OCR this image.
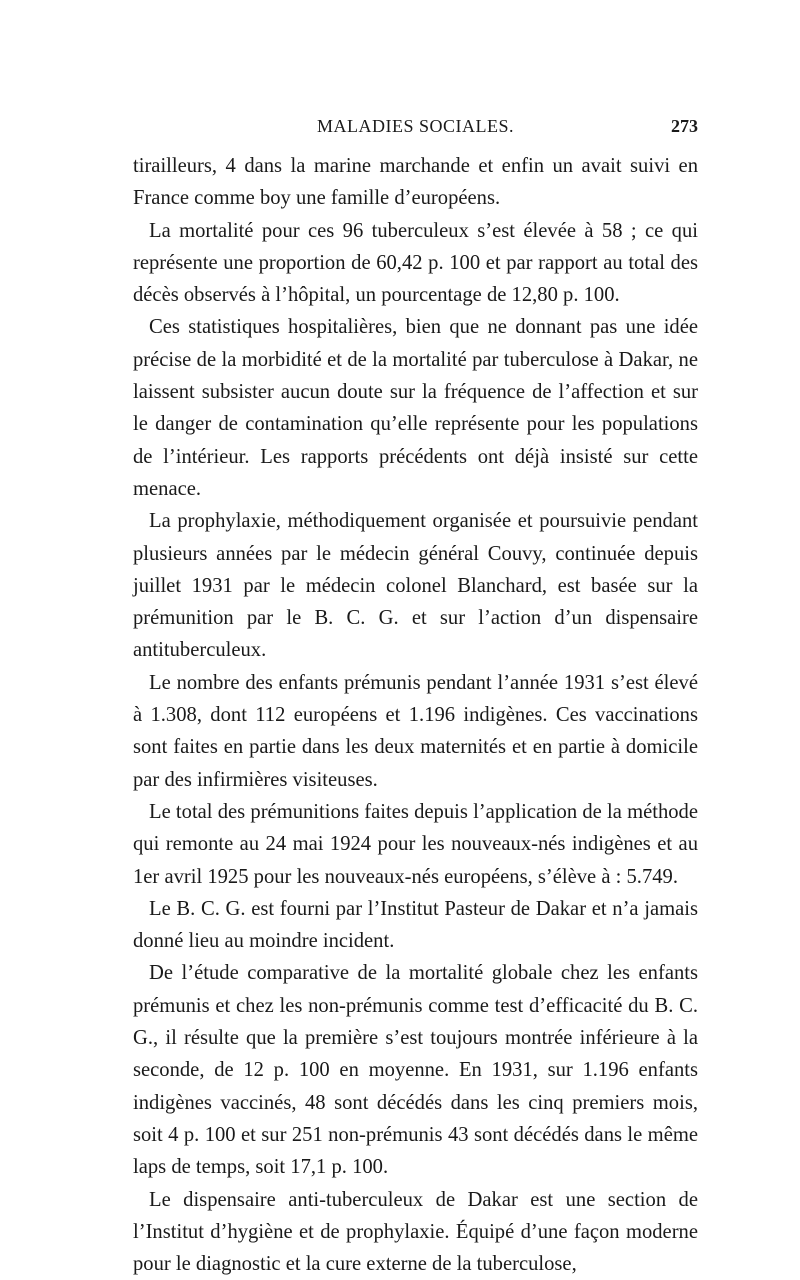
MALADIES SOCIALES.	273

tirailleurs, 4 dans la marine marchande et enfin un avait suivi en France comme boy une famille d’européens.

La mortalité pour ces 96 tuberculeux s’est élevée à 58 ; ce qui représente une proportion de 60,42 p. 100 et par rapport au total des décès observés à l’hôpital, un pourcentage de 12,80 p. 100.

Ces statistiques hospitalières, bien que ne donnant pas une idée précise de la morbidité et de la mortalité par tuberculose à Dakar, ne laissent subsister aucun doute sur la fréquence de l’affection et sur le danger de contamination qu’elle représente pour les populations de l’intérieur. Les rapports précédents ont déjà insisté sur cette menace.

La prophylaxie, méthodiquement organisée et poursuivie pendant plusieurs années par le médecin général Couvy, continuée depuis juillet 1931 par le médecin colonel Blanchard, est basée sur la prémunition par le B. C. G. et sur l’action d’un dispensaire antituberculeux.

Le nombre des enfants prémunis pendant l’année 1931 s’est élevé à 1.308, dont 112 européens et 1.196 indigènes. Ces vaccinations sont faites en partie dans les deux maternités et en partie à domicile par des infirmières visiteuses.

Le total des prémunitions faites depuis l’application de la méthode qui remonte au 24 mai 1924 pour les nouveaux-nés indigènes et au 1er avril 1925 pour les nouveaux-nés européens, s’élève à : 5.749.

Le B. C. G. est fourni par l’Institut Pasteur de Dakar et n’a jamais donné lieu au moindre incident.

De l’étude comparative de la mortalité globale chez les enfants prémunis et chez les non-prémunis comme test d’efficacité du B. C. G., il résulte que la première s’est toujours montrée inférieure à la seconde, de 12 p. 100 en moyenne. En 1931, sur 1.196 enfants indigènes vaccinés, 48 sont décédés dans les cinq premiers mois, soit 4 p. 100 et sur 251 non-prémunis 43 sont décédés dans le même laps de temps, soit 17,1 p. 100.

Le dispensaire anti-tuberculeux de Dakar est une section de l’Institut d’hygiène et de prophylaxie. Équipé d’une façon moderne pour le diagnostic et la cure externe de la tuberculose,
